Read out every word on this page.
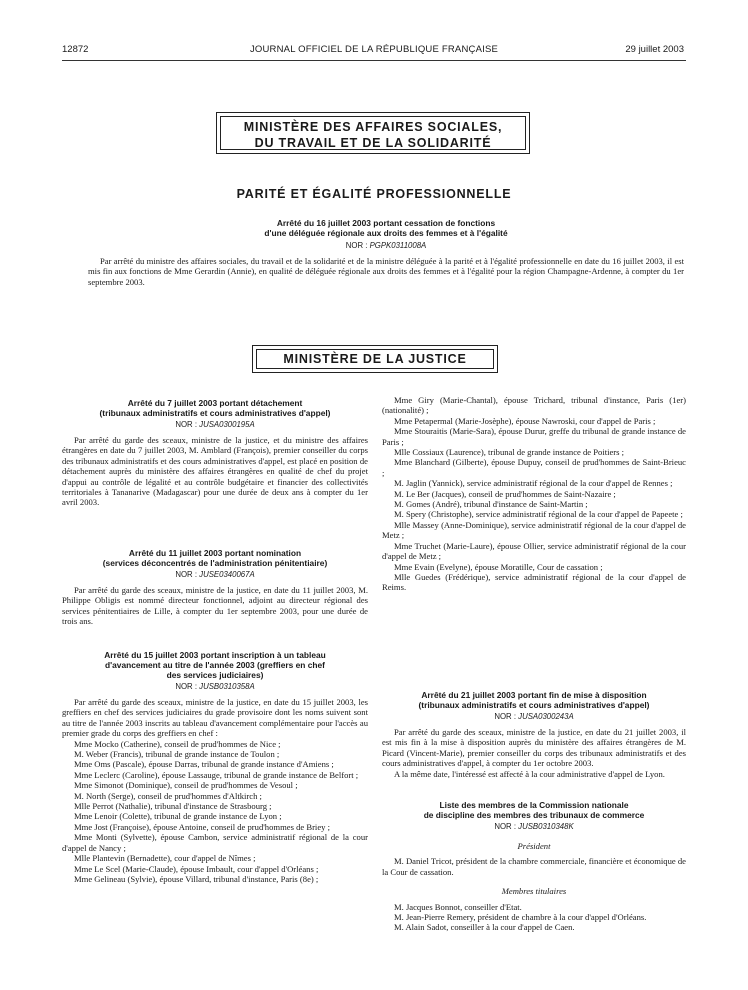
12872	JOURNAL OFFICIEL DE LA RÉPUBLIQUE FRANÇAISE	29 juillet 2003
MINISTÈRE DES AFFAIRES SOCIALES,
DU TRAVAIL ET DE LA SOLIDARITÉ
PARITÉ ET ÉGALITÉ PROFESSIONNELLE
Arrêté du 16 juillet 2003 portant cessation de fonctions
d'une déléguée régionale aux droits des femmes et à l'égalité
NOR : PGPK0311008A

Par arrêté du ministre des affaires sociales, du travail et de la solidarité et de la ministre déléguée à la parité et à l'égalité professionnelle en date du 16 juillet 2003, il est mis fin aux fonctions de Mme Gerardin (Annie), en qualité de déléguée régionale aux droits des femmes et à l'égalité pour la région Champagne-Ardenne, à compter du 1er septembre 2003.

MINISTÈRE DE LA JUSTICE
Arrêté du 7 juillet 2003 portant détachement
(tribunaux administratifs et cours administratives d'appel)
NOR : JUSA0300195A

Par arrêté du garde des sceaux, ministre de la justice, et du ministre des affaires étrangères en date du 7 juillet 2003, M. Amblard (François), premier conseiller du corps des tribunaux administratifs et des cours administratives d'appel, est placé en position de détachement auprès du ministère des affaires étrangères en qualité de chef du projet d'appui au contrôle de légalité et au contrôle budgétaire et financier des collectivités territoriales à Tananarive (Madagascar) pour une durée de deux ans à compter du 1er avril 2003.

Arrêté du 11 juillet 2003 portant nomination
(services déconcentrés de l'administration pénitentiaire)
NOR : JUSE0340067A

Par arrêté du garde des sceaux, ministre de la justice, en date du 11 juillet 2003, M. Philippe Obligis est nommé directeur fonctionnel, adjoint au directeur régional des services pénitentiaires de Lille, à compter du 1er septembre 2003, pour une durée de trois ans.

Arrêté du 15 juillet 2003 portant inscription à un tableau
d'avancement au titre de l'année 2003 (greffiers en chef
des services judiciaires)
NOR : JUSB0310358A

Par arrêté du garde des sceaux, ministre de la justice, en date du 15 juillet 2003, les greffiers en chef des services judiciaires du grade provisoire dont les noms suivent sont au titre de l'année 2003 inscrits au tableau d'avancement complémentaire pour l'accès au premier grade du corps des greffiers en chef :

Mme Mocko (Catherine), conseil de prud'hommes de Nice ;
M. Weber (Francis), tribunal de grande instance de Toulon ;
Mme Oms (Pascale), épouse Darras, tribunal de grande instance d'Amiens ;
Mme Leclerc (Caroline), épouse Lassauge, tribunal de grande instance de Belfort ;
Mme Simonot (Dominique), conseil de prud'hommes de Vesoul ;
M. North (Serge), conseil de prud'hommes d'Altkirch ;
Mlle Perrot (Nathalie), tribunal d'instance de Strasbourg ;
Mme Lenoir (Colette), tribunal de grande instance de Lyon ;
Mme Jost (Françoise), épouse Antoine, conseil de prud'hommes de Briey ;
Mme Monti (Sylvette), épouse Cambon, service administratif régional de la cour d'appel de Nancy ;
Mlle Plantevin (Bernadette), cour d'appel de Nîmes ;
Mme Le Scel (Marie-Claude), épouse Imbault, cour d'appel d'Orléans ;
Mme Gelineau (Sylvie), épouse Villard, tribunal d'instance, Paris (8e) ;
Mme Giry (Marie-Chantal), épouse Trichard, tribunal d'instance, Paris (1er) (nationalité) ;
Mme Petapermal (Marie-Josèphe), épouse Nawroski, cour d'appel de Paris ;
Mme Stouraitis (Marie-Sara), épouse Durur, greffe du tribunal de grande instance de Paris ;
Mlle Cossiaux (Laurence), tribunal de grande instance de Poitiers ;
Mme Blanchard (Gilberte), épouse Dupuy, conseil de prud'hommes de Saint-Brieuc ;
M. Jaglin (Yannick), service administratif régional de la cour d'appel de Rennes ;
M. Le Ber (Jacques), conseil de prud'hommes de Saint-Nazaire ;
M. Gomes (André), tribunal d'instance de Saint-Martin ;
M. Spery (Christophe), service administratif régional de la cour d'appel de Papeete ;
Mlle Massey (Anne-Dominique), service administratif régional de la cour d'appel de Metz ;
Mme Truchet (Marie-Laure), épouse Ollier, service administratif régional de la cour d'appel de Metz ;
Mme Evain (Evelyne), épouse Moratille, Cour de cassation ;
Mlle Guedes (Frédérique), service administratif régional de la cour d'appel de Reims.
Arrêté du 21 juillet 2003 portant fin de mise à disposition
(tribunaux administratifs et cours administratives d'appel)
NOR : JUSA0300243A

Par arrêté du garde des sceaux, ministre de la justice, en date du 21 juillet 2003, il est mis fin à la mise à disposition auprès du ministère des affaires étrangères de M. Picard (Vincent-Marie), premier conseiller du corps des tribunaux administratifs et des cours administratives d'appel, à compter du 1er octobre 2003.

A la même date, l'intéressé est affecté à la cour administrative d'appel de Lyon.

Liste des membres de la Commission nationale
de discipline des membres des tribunaux de commerce
NOR : JUSB0310348K
Président

M. Daniel Tricot, président de la chambre commerciale, financière et économique de la Cour de cassation.

Membres titulaires
M. Jacques Bonnot, conseiller d'Etat.
M. Jean-Pierre Remery, président de chambre à la cour d'appel d'Orléans.
M. Alain Sadot, conseiller à la cour d'appel de Caen.
